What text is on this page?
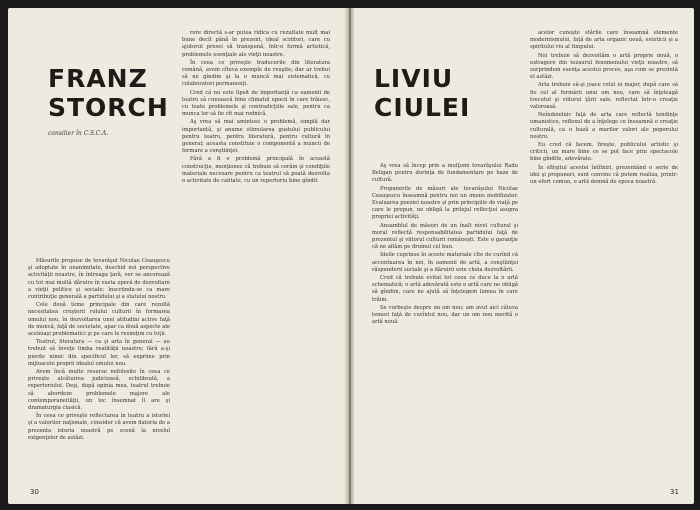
FRANZ
STORCH
consilier în C.S.C.A.

Măsurile propuse de tovarăşul Nicolae Ceauşescu şi adoptate în unanimitate, deschid noi perspective activităţii noastre, în întreaga ţară, ver se ancorează cu tot mai multă dăruire în vasta operă de dezvoltare a vieţii politice şi sociale; înscriindu-se ca mare contribuţie generală a partidului şi a statului nostru.

Cele două teme principale din care rezultă necesitatea creşterii rolului culturii în formarea omului nou, în dezvoltarea unei atitudini active faţă de muncă, faţă de societate, apar ca două aspecte ale aceleiaşi problematici şi pe care le resimţim cu toţii.

Teatrul, literatura — ca şi arta în general — au trebuit să înveţe limba realităţii noastre; fără a-şi pierde nimic din specificul lor, să exprime prin mijloacele proprii idealul omului nou.

Avem încă multe resurse nefolosite în ceea ce priveşte alcătuirea judicioasă, echilibrată, a repertoriului. Deşi, după opinia mea, teatrul trebuie să abordeze problemele majore ale contemporaneităţii, un loc însemnat îl are şi dramaturgia clasică.

În ceea ce priveşte reflectarea în teatru a istoriei şi a valorilor naţionale, consider că avem datoria de a prezenta istoria noastră pe scenă la nivelul exigenţelor de astăzi.

rere directă s-ar putea ridica cu rezultate mult mai bune decît până în prezent, ideal scriitori, care cu ajutorul presei să transpună, într-o formă artistică, problemele esenţiale ale vieţii noastre.

În ceea ce priveşte traducerile din literatura română, avem cîteva exemple de reuşite; dar ar trebui să ne gîndim şi la o muncă mai sistematică, cu colaboratori permanenţi.

Cred că nu este lipsit de importanţă ca oamenii de teatru să cunoască bine climatul epocii în care trăiesc, cu toate problemele şi contradicţiile sale, pentru ca munca lor să fie cît mai rodnică.

Aş vrea să mai amintesc o problemă, simplă dar importantă, şi anume stimularea gustului publicului pentru teatru, pentru literatură, pentru cultură în general; aceasta constituie o componentă a muncii de formare a conştiinţei.

Fără a fi o problemă principală în această construcţie, menţionez că trebuie să cerăm şi condiţiile materiale necesare pentru ca teatrul să poată dezvolta o activitate de calitate, cu un repertoriu bine gîndit.

30
LIVIU
CIULEI

Aş vrea să încep prin a mulţumi tovarăşului Radu Beligan pentru dorinţa de fundamentare pe baze de cultură.

Propunerile de măsuri ale tovarăşului Nicolae Ceauşescu înseamnă pentru noi un imens mobilizator. Evaluarea poeziei noastre şi prin principiile de viaţă pe care le propun, ne obligă la prilejul reflecţiei asupra propriei activităţi.

Ansamblul de măsuri de un înalt nivel cultural şi moral reflectă responsabilitatea partidului faţă de prezentul şi viitorul culturii româneşti. Este o garanţie că ne aflăm pe drumul cel bun.

Ideile cuprinse în aceste materiale cîte de curînd că accentuarea în noi, în oamenii de artă, a conştiinţei răspunderii sociale şi a dăruirii este cheia dezvoltării.

Cred că trebuie evitat tot ceea ce duce la o artă schematică; o artă adevărată este o artă care ne obligă să gîndim, care ne ajută să înţelegem lumea în care trăim.

Se vorbeşte despre un om nou; am avut aici câteva temeri faţă de cuvîntul nou, dar un om nou merită o artă nouă.

acelor cunoşte stările care înseamnă elemente modernismului, faţă de arta organic nouă, esteticii şi a spiritului viu al timpului.

Noi trebuie să dezvoltăm o artă proprie nouă, o extragere din tezaurul fenomenului vieţii noastre, să surprindem esenţa acestui proces, aşa cum se prezintă el astăzi.

Arta trebuie să-şi joace rolul ei major, după care să fie cel al formării unui om nou, care să înţeleagă trecutul şi viitorul ţării sale, reflectat într-o creaţie valoroasă.

Neîndoielnic faţă de arta care reflectă tendinţe umanistice, reflexul de a înţelege ce înseamnă o creaţie culturală, ca o bază a marilor valori ale poporului nostru.

Eu cred că facem, fireşte, publicului artistic şi criticii, un mare bine ce se pot face prin spectacole bine gîndite, adevărate.

În sfîrşitul acestei întîlniri, prezentând o serie de idei şi propuneri, sunt convins că putem realiza, printr-un efort comun, o artă demnă de epoca noastră.

31
